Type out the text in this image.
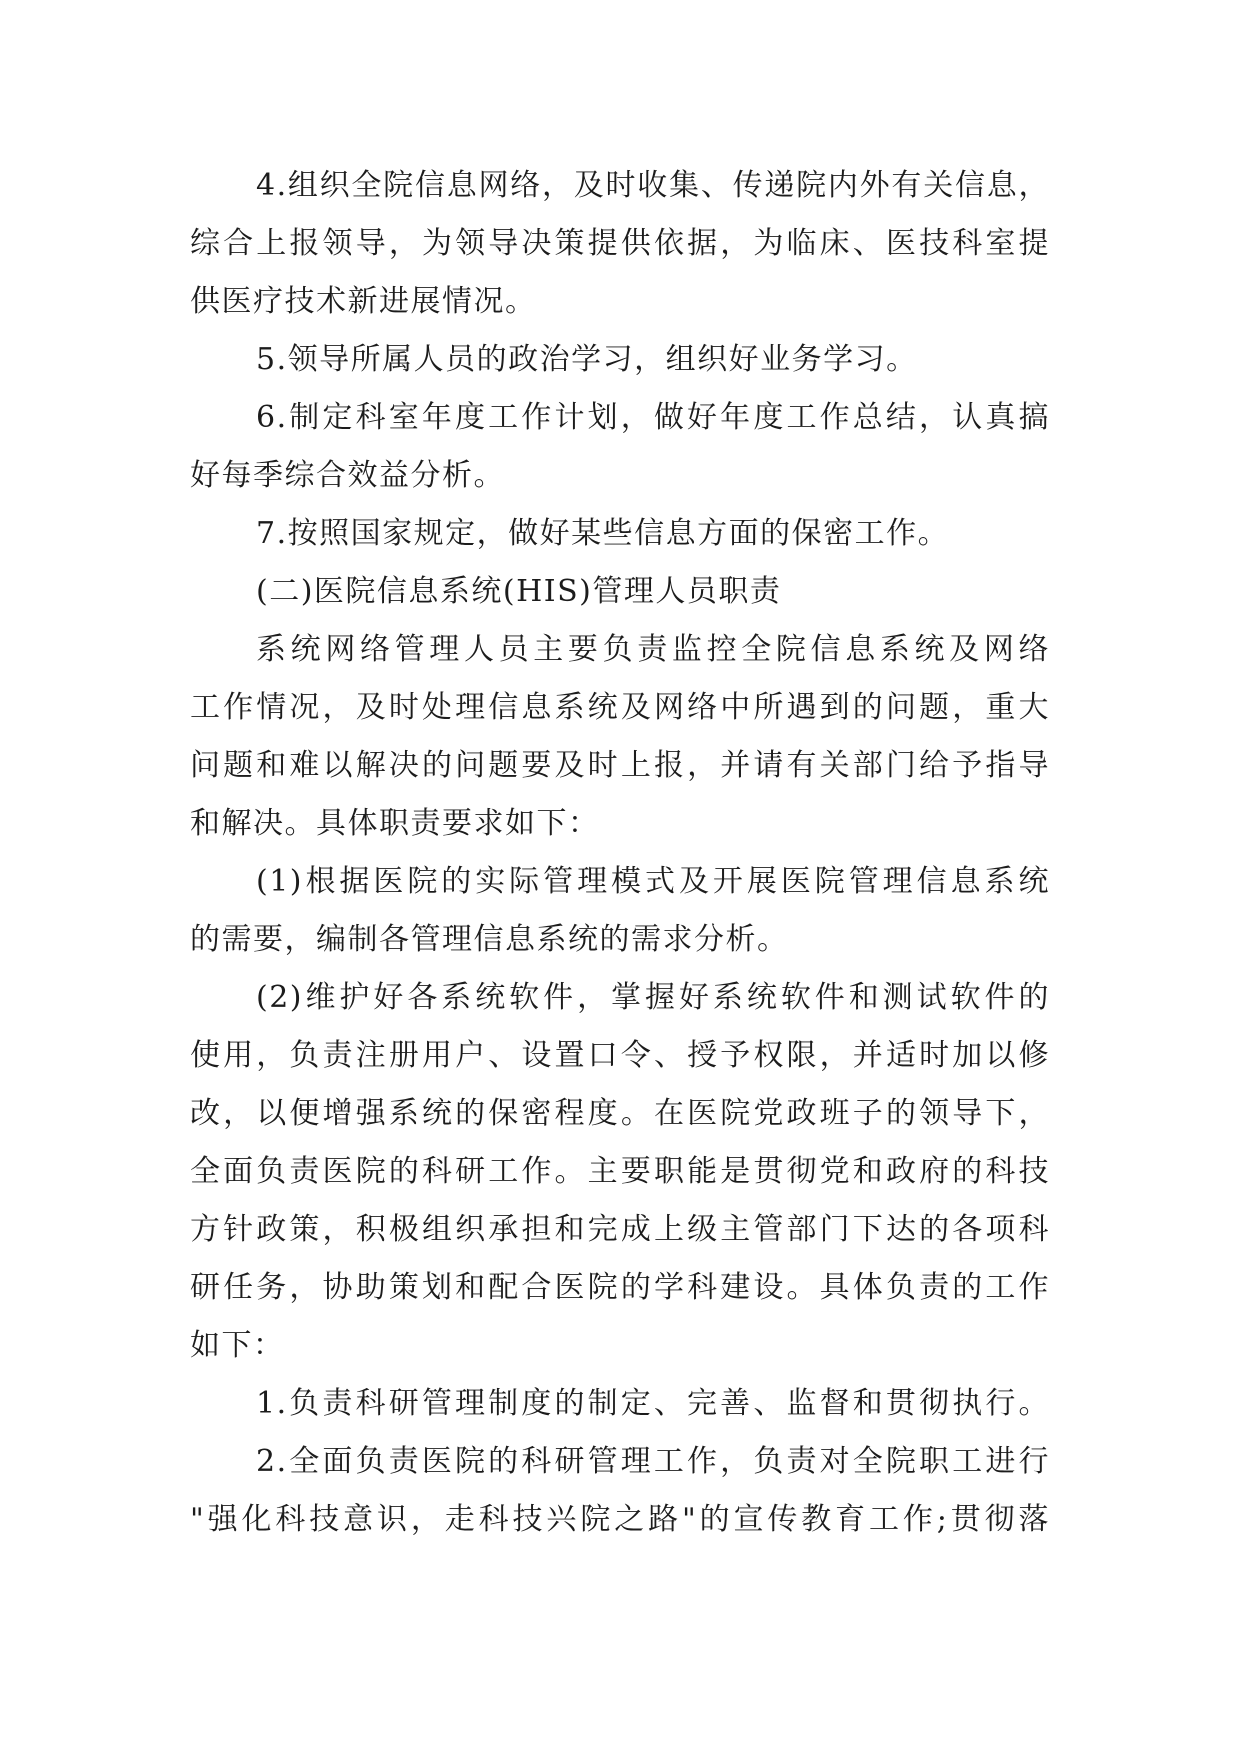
4.组织全院信息网络，及时收集、传递院内外有关信息，
综合上报领导，为领导决策提供依据，为临床、医技科室提
供医疗技术新进展情况。
5.领导所属人员的政治学习，组织好业务学习。
6.制定科室年度工作计划，做好年度工作总结，认真搞
好每季综合效益分析。
7.按照国家规定，做好某些信息方面的保密工作。
(二)医院信息系统(HIS)管理人员职责
系统网络管理人员主要负责监控全院信息系统及网络
工作情况，及时处理信息系统及网络中所遇到的问题，重大
问题和难以解决的问题要及时上报，并请有关部门给予指导
和解决。具体职责要求如下：
(1)根据医院的实际管理模式及开展医院管理信息系统
的需要，编制各管理信息系统的需求分析。
(2)维护好各系统软件，掌握好系统软件和测试软件的
使用，负责注册用户、设置口令、授予权限，并适时加以修
改，以便增强系统的保密程度。在医院党政班子的领导下，
全面负责医院的科研工作。主要职能是贯彻党和政府的科技
方针政策，积极组织承担和完成上级主管部门下达的各项科
研任务，协助策划和配合医院的学科建设。具体负责的工作
如下：
1.负责科研管理制度的制定、完善、监督和贯彻执行。
2.全面负责医院的科研管理工作，负责对全院职工进行
"强化科技意识，走科技兴院之路"的宣传教育工作;贯彻落
